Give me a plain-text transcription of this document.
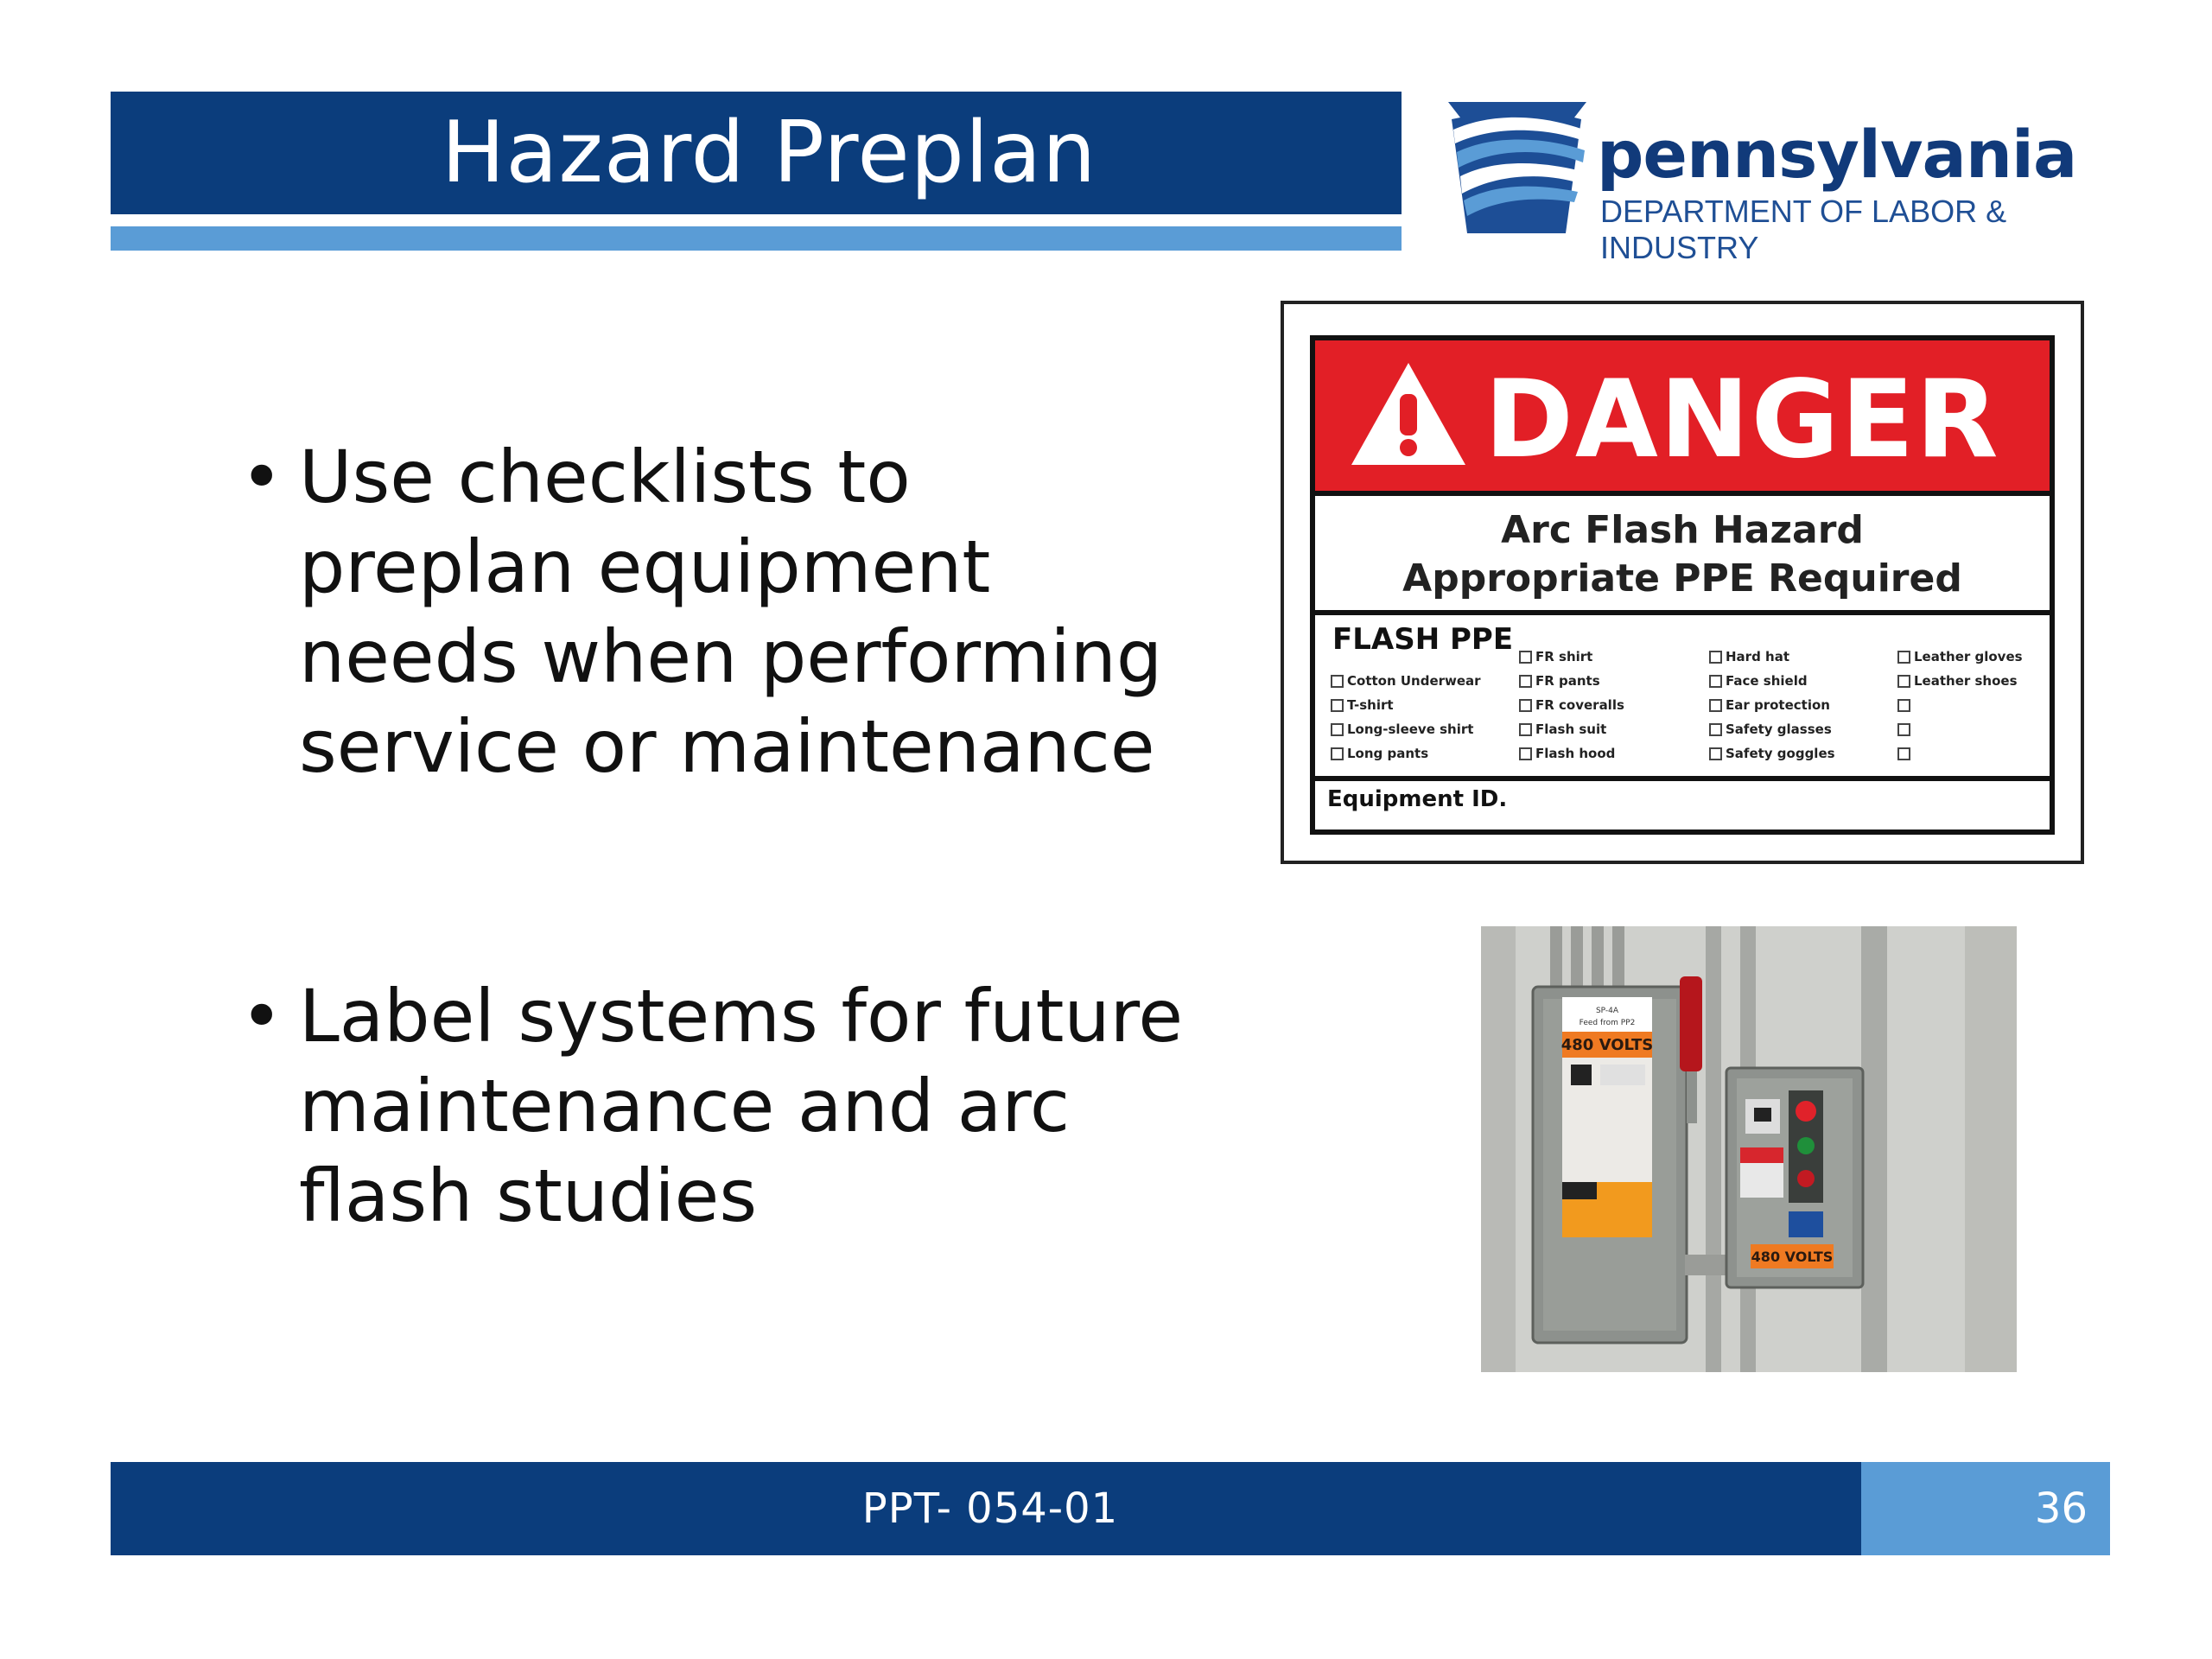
Hazard Preplan	pennsylvania
DEPARTMENT OF LABOR & INDUSTRY
• Use checklists to preplan equipment needs when performing service or maintenance
• Label systems for future maintenance and arc flash studies
DANGER
Arc Flash Hazard
Appropriate PPE Required
FLASH PPE
Cotton Underwear
T-shirt
Long-sleeve shirt
Long pants
FR shirt
FR pants
FR coveralls
Flash suit
Flash hood
Hard hat
Face shield
Ear protection
Safety glasses
Safety goggles
Leather gloves
Leather shoes
Equipment ID.
SP-4A
Feed from PP2
480 VOLTS
480 VOLTS
PPT- 054-01	36
